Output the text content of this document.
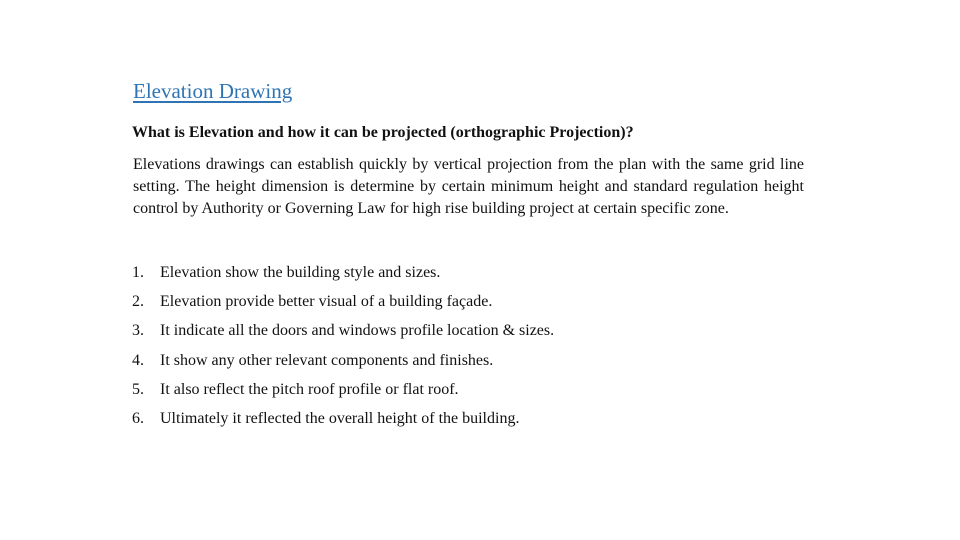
Elevation Drawing
What is Elevation and how it can be projected (orthographic Projection)?

Elevations drawings can establish quickly by vertical projection from the plan with the same grid line setting. The height dimension is determine by certain minimum height and standard regulation height control by Authority or Governing Law for high rise building project at certain specific zone.

1. Elevation show the building style and sizes.
2. Elevation provide better visual of a building façade.
3. It indicate all the doors and windows profile location & sizes.
4. It show any other relevant components and finishes.
5. It also reflect the pitch roof profile or flat roof.
6. Ultimately it reflected the overall height of the building.
